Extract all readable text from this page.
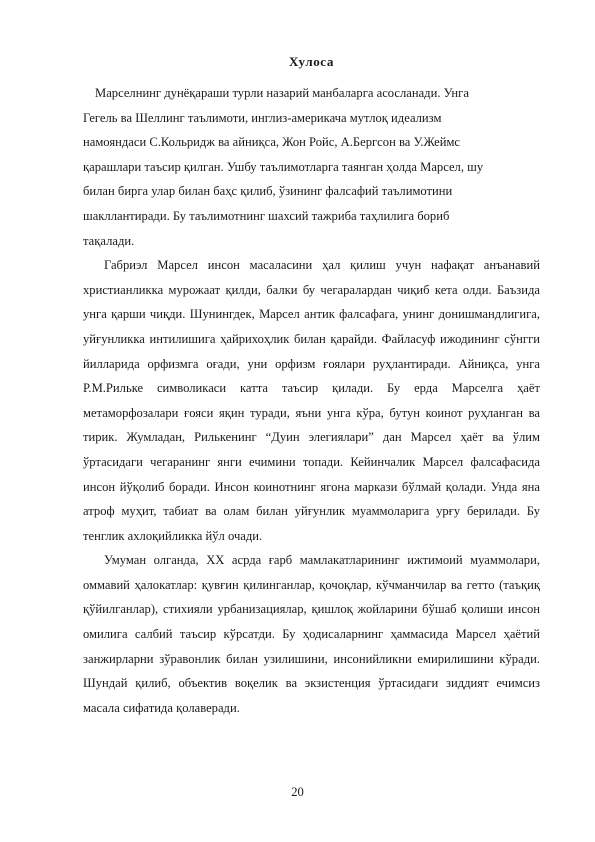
Хулоса

Марселнинг дунёқараши турли назарий манбаларга асосланади. Унга
Гегель ва Шеллинг таълимоти, инглиз-америкача мутлоқ идеализм
намояндаси С.Кольридж ва айниқса, Жон Ройс, А.Бергсон ва У.Жеймс
қарашлари таъсир қилган. Ушбу таълимотларга таянган ҳолда Марсел, шу
билан бирга улар билан баҳс қилиб, ўзининг фалсафий таълимотини
шакллантиради. Бу таълимотнинг шахсий тажриба таҳлилига бориб
тақалади.

Габриэл Марсел инсон масаласини ҳал қилиш учун нафақат анъанавий христианликка мурожаат қилди, балки бу чегаралардан чиқиб кета олди. Баъзида унга қарши чиқди. Шунингдек, Марсел антик фалсафага, унинг донишмандлигига, уйғунликка интилишига ҳайрихоҳлик билан қарайди. Файласуф ижодининг сўнгги йилларида орфизмга оғади, уни орфизм ғоялари руҳлантиради. Айниқса, унга Р.М.Рильке символикаси катта таъсир қилади. Бу ерда Марселга ҳаёт метаморфозалари ғояси яқин туради, яъни унга кўра, бутун коинот руҳланган ва тирик. Жумладан, Рилькенинг “Дуин элегиялари” дан Марсел ҳаёт ва ўлим ўртасидаги чегаранинг янги ечимини топади. Кейинчалик Марсел фалсафасида инсон йўқолиб боради. Инсон коинотнинг ягона маркази бўлмай қолади. Унда яна атроф муҳит, табиат ва олам билан уйғунлик муаммоларига урғу берилади. Бу тенглик ахлоқийликка йўл очади.

Умуман олганда, XX асрда ғарб мамлакатларининг ижтимоий муаммолари, оммавий ҳалокатлар: қувғин қилинганлар, қочоқлар, кўчманчилар ва гетто (таъқиқ қўйилганлар), стихияли урбанизациялар, қишлоқ жойларини бўшаб қолиши инсон омилига салбий таъсир кўрсатди. Бу ҳодисаларнинг ҳаммасида Марсел ҳаётий занжирларни зўравонлик билан узилишини, инсонийликни емирилишини кўради. Шундай қилиб, объектив воқелик ва экзистенция ўртасидаги зиддият ечимсиз масала сифатида қолаверади.

20
